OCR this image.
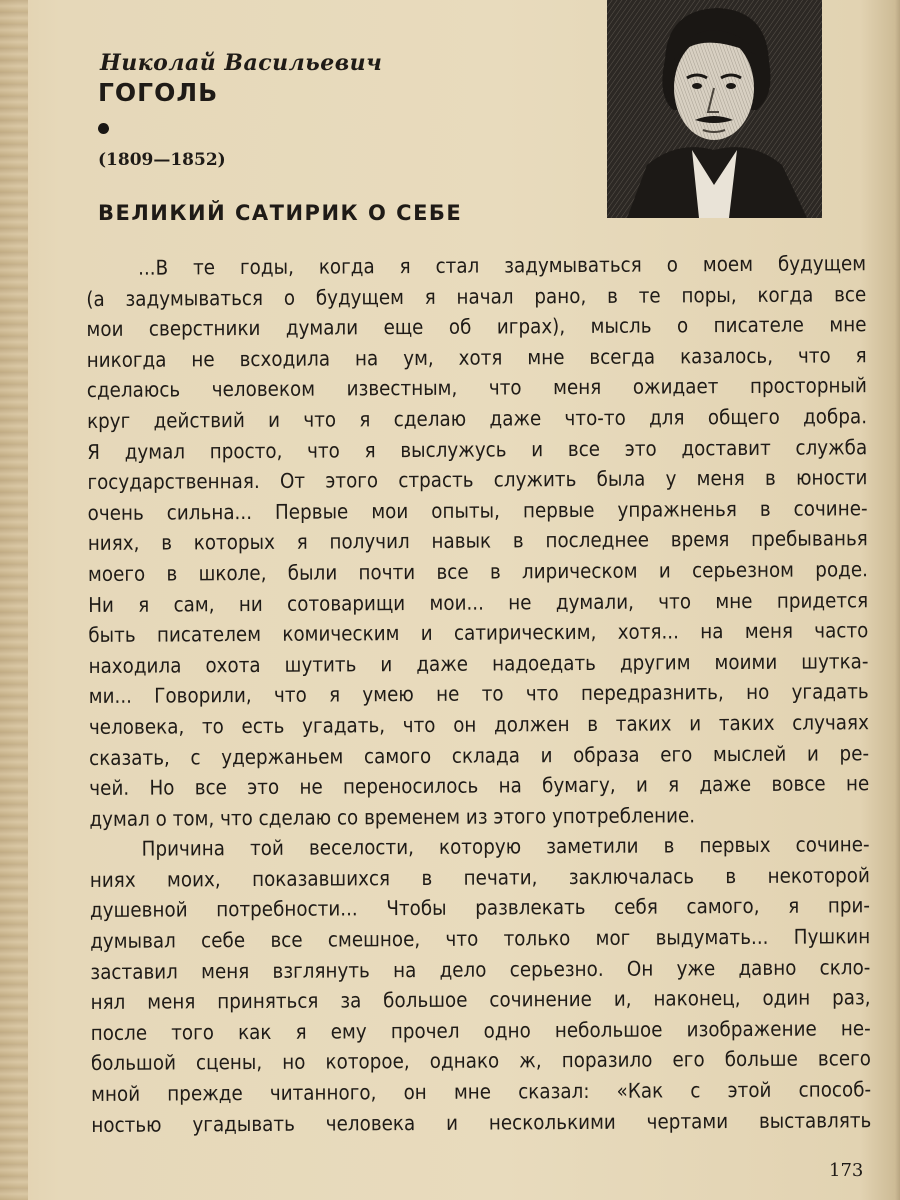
Николай Васильевич
ГОГОЛЬ
(1809—1852)
ВЕЛИКИЙ САТИРИК О СЕБЕ
...В те годы, когда я стал задумываться о моем будущем
(а задумываться о будущем я начал рано, в те поры, когда все
мои сверстники думали еще об играх), мысль о писателе мне
никогда не всходила на ум, хотя мне всегда казалось, что я
сделаюсь человеком известным, что меня ожидает просторный
круг действий и что я сделаю даже что-то для общего добра.
Я думал просто, что я выслужусь и все это доставит служба
государственная. От этого страсть служить была у меня в юности
очень сильна... Первые мои опыты, первые упражненья в сочине-
ниях, в которых я получил навык в последнее время пребыванья
моего в школе, были почти все в лирическом и серьезном роде.
Ни я сам, ни сотоварищи мои... не думали, что мне придется
быть писателем комическим и сатирическим, хотя... на меня часто
находила охота шутить и даже надоедать другим моими шутка-
ми... Говорили, что я умею не то что передразнить, но угадать
человека, то есть угадать, что он должен в таких и таких случаях
сказать, с удержаньем самого склада и образа его мыслей и ре-
чей. Но все это не переносилось на бумагу, и я даже вовсе не
думал о том, что сделаю со временем из этого употребление.
Причина той веселости, которую заметили в первых сочине-
ниях моих, показавшихся в печати, заключалась в некоторой
душевной потребности... Чтобы развлекать себя самого, я при-
думывал себе все смешное, что только мог выдумать... Пушкин
заставил меня взглянуть на дело серьезно. Он уже давно скло-
нял меня приняться за большое сочинение и, наконец, один раз,
после того как я ему прочел одно небольшое изображение не-
большой сцены, но которое, однако ж, поразило его больше всего
мной прежде читанного, он мне сказал: «Как с этой способ-
ностью угадывать человека и несколькими чертами выставлять
173
